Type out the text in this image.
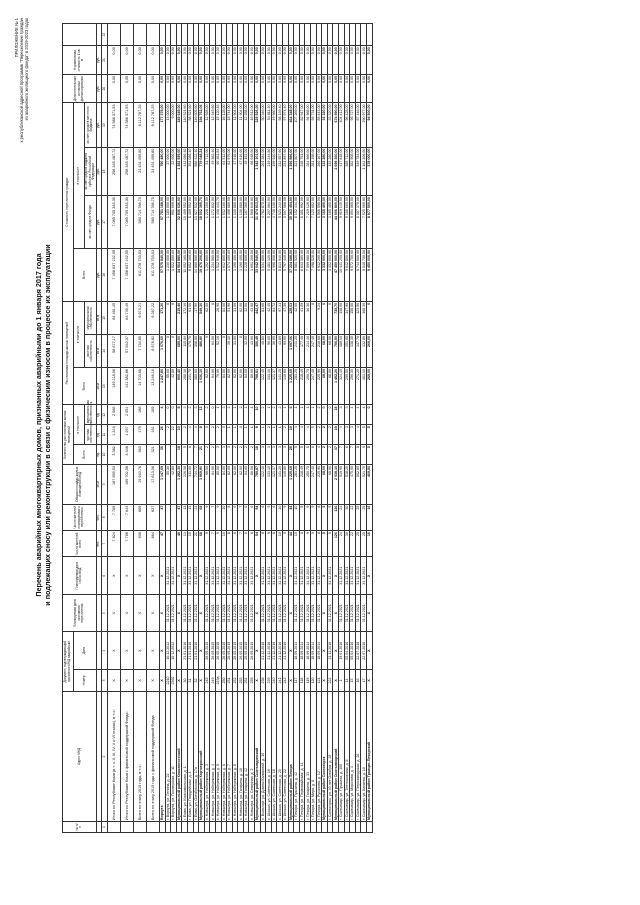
ПРИЛОЖЕНИЕ № 1 к республиканской адресной программе "Переселение граждан из аварийного жилищного фонда" в 2019-2023 годах
Перечень аварийных многоквартирных домов, признанных аварийными до 1 января 2017 года и подлежащих сносу или реконструкции в связи с физическим износом в процессе их эксплуатации
№ п/п	Адрес МКД	Документ, подтверждающий признание МКД аварийным		Планируемая дата окончания переселения	Планируемая дата сноса МКД	Число жителей всего	Число жителей планируемых к переселению	Общая площадь жилых помещений МКД	Количество расселяемых жилых помещений			Расселяемая площадь жилых помещений			Стоимость переселения граждан				Дополнительные источники финансирования	Нормативная стоимость 1 кв. м	
		Номер	Дата						Всего	в том числе		Всего	в том числе		Всего	в том числе					
										частная собственность	муниципальная собственность		частная собственность	муниципальная собственность		за счет средств Фонда	за счет средств бюджета субъекта Российской Федерации	за счет средств местного бюджета			
						чел.	чел.	кв.м	ед.	ед.	ед.	кв.м	кв.м	кв.м	руб.	руб.	руб.	руб.	руб.	руб.	
1	2	3	4	5	6	7	8	9	10	11	12	13	14	15	16	17	18	19	20	21	22
	Итого по Республике Коми (в т. ч. II, III, IV, V и VI этапах), в т.ч.:	X	X	X	X	7 824	7 769	167 659,53	3 382	1 316	2 066	149 118,06	58 677,17	84 461,49	7 458 637 192,95	7 085 705 333,30	258 345 487,72	74 586 371,93	0,00	0,00	
	Итого по Республике Коми с финансовой поддержкой Фонда:	X	X	X	X	7 768	7 644	165 702,58	3 348	1 297	2 051	141 382,86	57 642,37	83 739,49	7 458 637 192,95	7 085 705 333,30	258 345 487,72	74 586 371,93	0,00	0,00	
	Всего по этапу 2019 года, в т.ч.:	X	X	X	X	906	869	19 940,76	363	175	188	14 703,86	7 734,65	6 974,21	611 278 753,03	580 714 788,75	24 451 499,80	6 112 787,25	0,00	0,00	
	Всего по этапу 2019 года с финансовой поддержкой Фонда	X	X	X	X	864	827	17 813,06	321	161	169	13 246,16	6 978,82	6 267,22	611 278 753,03	580 714 788,75	24 451 499,80	6 112 787,25	0,00	0,00	
	Воркута	X	X	X	X	47	47	1 147,69	36	26	4	1 247,80	1 076,60	171,20	57 575 840,00	57 781 188,00	780 480,00	177 378,00	0,00	0,00	
	г. Воркута, ул. Ленина, д. 22	2210	10.12.2012	31.12.2021	31.12.2021			55,30		2	0	55,00	0	0	1 230 000,00	1 180 000,00	37 000,00	13 000,00	0,00	0,00	
	г. Воркута, ул. Пионерская, д. 11	2392	10.12.2012	31.12.2021	31.12.2021			42,80		22	0	42,80	0	0	1 022 000,00	991 000,00	22 000,00	9 000,00	0,00	0,00	
	Муниципальный район Княжпогостский	X	X	X	X	49	47	1 282,30	18	10	8	900,40	685,00	215,40	34 564 880,00	32 836 636,00	1 382 595,00	345 649,00	0,00	0,00	
	г. Емва, ул. Комсомольская, д. 1	30	21.01.2016	31.12.2021	31.12.2021	13	13	226,58	5	2	3	288,10	115,80	172,30	11 052 160,00	10 499 552,00	442 086,40	110 521,60	0,00	0,00	
	г. Емва, ул. Гвардейская, д. 4	31	21.01.2016	31.12.2021	31.12.2021	15	13	311,00	6	4	2	231,70	170,70	61,00	8 852 160,00	8 409 552,00	354 086,40	88 521,60	0,00	0,00	
	г. Емва, ул. Октябрьская, д. 17а	32	21.01.2016	31.12.2021	31.12.2021	21	21	744,72	7	4	3	380,60	398,50	-17,90	14 660 560,00	13 927 532,00	586 422,40	146 605,60	0,00	0,00	
	Муниципальный район Корткеросский	X	X	X	X	68	68	1 969,80	21	8	13	1 036,10	486,80	549,30	19 476 206,00	18 502 395,70	779 048,24	194 762,06	0,00	0,00	
	с. Нившера, ул. Набережная, д. 3	248	26.05.2015	31.12.2021	31.12.2021	9	9	66,00	2	0	2	62,00	0	62,00	1 292 800,00	1 228 160,00	51 712,00	12 928,00	0,00	0,00	
	с. Нившера, ул. Набережная, д. 4	249	26.05.2015	31.12.2021	31.12.2021	7	7	64,00	2	2	0	64,00	64,00	0	1 234 560,00	1 172 832,00	49 382,40	12 345,60	0,00	0,00	
	с. Нившера, ул. Набережная, д. 5	249а	26.05.2015	31.12.2021	31.12.2021	9	9	80,00	3	2	1	79,00	52,10	26,90	1 512 046,00	1 436 443,70	60 481,84	15 120,46	0,00	0,00	
	с. Нившера, ул. Набережная, д. 6	250	26.05.2015	31.12.2021	31.12.2021	10	10	84,00	3	0	3	84,00	0	84,00	1 612 800,00	1 532 160,00	64 512,00	16 128,00	0,00	0,00	
	с. Нившера, ул. Набережная, д. 7	251	26.05.2015	31.12.2021	31.12.2021	8	8	82,00	3	1	2	82,00	30,10	51,90	1 574 400,00	1 495 680,00	62 976,00	15 744,00	0,00	0,00	
	с. Нившера, ул. Набережная, д. 8	252	26.05.2015	31.12.2021	31.12.2021	6	6	62,00	2	1	1	62,00	31,00	31,00	1 190 400,00	1 130 880,00	47 616,00	11 904,00	0,00	0,00	
	с. Нившера, ул. Гагарина, д. 10	253	26.05.2015	31.12.2021	31.12.2021	7	7	62,00	2	0	2	62,00	0	62,00	1 190 400,00	1 130 880,00	47 616,00	11 904,00	0,00	0,00	
	с. Нившера, ул. Гагарина, д. 12	254	26.05.2015	31.12.2021	31.12.2021	6	6	64,00	2	1	1	64,00	32,00	32,00	1 228 800,00	1 167 360,00	49 152,00	12 288,00	0,00	0,00	
	с. Нившера, ул. Северная, д. 2	255	26.05.2015	31.12.2021	31.12.2021	6	6	86,00	2	1	1	86,00	43,00	43,00	1 651 200,00	1 568 640,00	66 048,00	16 512,00	0,00	0,00	
	Муниципальный район Сыктывдинский	X	X	X	X	54	54	799,87	18	8	10	798,81	356,49	442,47	33 042 540,00	31 474 913,00	1 342 101,00	225 526,00	0,00	0,00	
	с. Выльгорт, ул. Домны Каликовой, д. 10	238	21.12.2016	31.12.2021	31.12.2021	8	8	122,40	3	1	2	122,40	40,80	81,60	5 034 600,00	4 782 870,00	201 384,00	50 346,00	0,00	0,00	
	с. Шошка, ул. Советская, д. 16	239	21.12.2016	31.12.2021	31.12.2021	9	9	133,10	3	2	1	133,10	90,65	42,45	5 481 120,00	5 207 064,00	219 244,80	54 811,20	0,00	0,00	
	с. Шошка, ул. Советская, д. 18	240	21.12.2016	31.12.2021	31.12.2021	8	8	121,37	3	1	2	121,37	36,65	84,72	4 998 000,00	4 748 100,00	199 920,00	49 980,00	0,00	0,00	
	с. Шошка, ул. Советская, д. 20	241	21.12.2016	31.12.2021	31.12.2021	10	10	141,20	3	1	2	141,20	43,89	97,31	5 813 940,00	5 523 243,00	232 557,60	58 139,40	0,00	0,00	
	с. Шошка, ул. Советская, д. 22	242	21.12.2016	31.12.2021	31.12.2021	9	9	140,80	3	2	1	140,80	93,50	47,30	5 797 440,00	5 507 568,00	231 897,60	57 974,40	0,00	0,00	
	Муниципальный район Печора	X	X	X	X	44	44	1 225,69	25	19	6	1 225,69	1 097,06	128,63	37 224 688,00	35 363 454,00	1 396 886,00	464 348,00	0,00	0,00	
	г. Печора, ул. Пушкина, д. 42	117	18.09.2014	31.12.2021	31.12.2021	10	10	283,20	5	4	1	283,20	241,20	42,00	8 581 520,00	8 152 444,00	321 807,00	107 269,00	0,00	0,00	
	г. Печора, ул. Первомайская, д. 14	118	18.09.2014	31.12.2021	31.12.2021	8	8	218,49	5	4	1	218,49	177,40	41,09	6 633 360,00	6 301 692,00	248 751,00	82 917,00	0,00	0,00	
	г. Печора, ул. Гагарина, д. 33	119	18.09.2014	31.12.2021	31.12.2021	9	9	250,70	5	4	1	250,70	214,40	36,30	7 599 080,00	7 219 126,00	284 966,00	94 988,00	0,00	0,00	
	г. Печора, ул. Мира, д. 8	120	18.09.2014	31.12.2021	31.12.2021	9	9	247,40	6	5	1	247,40	247,40	0	7 498 528,00	7 123 602,00	281 195,00	93 731,00	0,00	0,00	
	г. Печора, ул. Русанова, д. 12	121	18.09.2014	31.12.2021	31.12.2021	8	8	225,90	4	2	2	225,90	216,66	9,24	6 912 200,00	6 566 590,00	260 167,00	85 443,00	0,00	0,00	
	Муниципальный район Сосногорск	X	X	X	X	5	5	68,00	2	2	0	68,00	68,00	0	3 332 000,00	3 165 400,00	133 280,00	33 320,00	0,00	0,00	
	г. Сосногорск, ул. 40 лет Октября, д. 28	222	21.11.2016	31.12.2021	31.12.2021	5	5	68,00	2	2	0	68,00	68,00	0	3 332 000,00	3 165 400,00	133 280,00	33 320,00	0,00	0,00	
	Муниципальный район Сыктывкарский	X	X	X	X	126	126	2 538,10	37	19	18	1 492,20	756,50	735,70	47 450 000,00	44 006 800,00	2 698 360,00	674 990,00	0,00	0,00	
	г. Сыктывкар, ул. Пушкина, д. 100	1	19.01.2016	31.12.2021	31.12.2021	24	24	519,90	7	4	3	324,10	186,10	138,00	10 441 200,00	9 919 140,00	417 648,00	104 412,00	0,00	0,00	
	г. Сыктывкар, ул. Тентюковская, д. 8	14	05.04.2016	31.12.2021	31.12.2021	30	30	518,20	6	3	3	299,50	151,60	147,90	9 642 800,00	9 160 660,00	385 712,00	96 428,00	0,00	0,00	
	г. Сыктывкар, ул. Морозова, д. 4	15	05.04.2016	31.12.2021	31.12.2021	22	22	475,50	7	3	4	296,30	138,30	158,00	9 572 700,00	9 094 065,00	382 908,00	95 727,00	0,00	0,00	
	г. Сыктывкар, ул. Петрозаводская, д. 26	16	22.07.2016	31.12.2021	31.12.2021	25	25	502,80	8	4	4	271,20	147,70	123,50	8 744 600,00	8 307 370,00	349 784,00	87 446,00	0,00	0,00	
	г. Сыктывкар, ул. Катаева, д. 10	17	22.07.2016	31.12.2021	31.12.2021	25	25	521,70	9	5	4	301,10	132,80	168,30	9 048 700,00	7 525 565,00	1 162 308,00	290 977,00	0,00	0,00	
	Муниципальный район Троицко-Печорский	X	X	X	X	16	16	469,50	5	5	0	269,00	269,00	0	9 450 000,00	8 977 500,00	378 000,00	94 500,00	0,00	0,00	
